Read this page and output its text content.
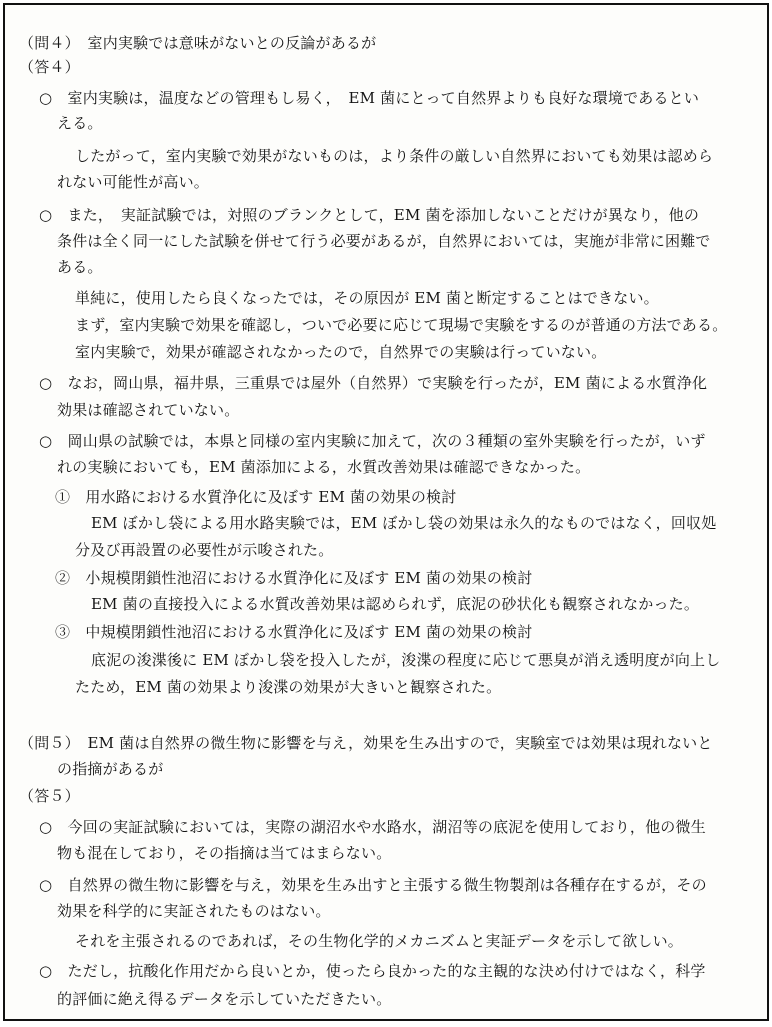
（問４）　室内実験では意味がないとの反論があるが
（答４）
○　室内実験は，温度などの管理もし易く，　EM 菌にとって自然界よりも良好な環境であるとい
える。
したがって，室内実験で効果がないものは，より条件の厳しい自然界においても効果は認めら
れない可能性が高い。
○　また，　実証試験では，対照のブランクとして，EM 菌を添加しないことだけが異なり，他の
条件は全く同一にした試験を併せて行う必要があるが，自然界においては，実施が非常に困難で
ある。
単純に，使用したら良くなったでは，その原因が EM 菌と断定することはできない。
まず，室内実験で効果を確認し，ついで必要に応じて現場で実験をするのが普通の方法である。
室内実験で，効果が確認されなかったので，自然界での実験は行っていない。
○　なお，岡山県，福井県，三重県では屋外（自然界）で実験を行ったが，EM 菌による水質浄化
効果は確認されていない。
○　岡山県の試験では，本県と同様の室内実験に加えて，次の３種類の室外実験を行ったが，いず
れの実験においても，EM 菌添加による，水質改善効果は確認できなかった。
①　用水路における水質浄化に及ぼす EM 菌の効果の検討
EM ぼかし袋による用水路実験では，EM ぼかし袋の効果は永久的なものではなく，回収処
分及び再設置の必要性が示唆された。
②　小規模閉鎖性池沼における水質浄化に及ぼす EM 菌の効果の検討
EM 菌の直接投入による水質改善効果は認められず，底泥の砂状化も観察されなかった。
③　中規模閉鎖性池沼における水質浄化に及ぼす EM 菌の効果の検討
底泥の浚渫後に EM ぼかし袋を投入したが，浚渫の程度に応じて悪臭が消え透明度が向上し
たため，EM 菌の効果より浚渫の効果が大きいと観察された。
（問５）　EM 菌は自然界の微生物に影響を与え，効果を生み出すので，実験室では効果は現れないと
の指摘があるが
（答５）
○　今回の実証試験においては，実際の湖沼水や水路水，湖沼等の底泥を使用しており，他の微生
物も混在しており，その指摘は当てはまらない。
○　自然界の微生物に影響を与え，効果を生み出すと主張する微生物製剤は各種存在するが，その
効果を科学的に実証されたものはない。
それを主張されるのであれば，その生物化学的メカニズムと実証データを示して欲しい。
○　ただし，抗酸化作用だから良いとか，使ったら良かった的な主観的な決め付けではなく，科学
的評価に絶え得るデータを示していただきたい。
